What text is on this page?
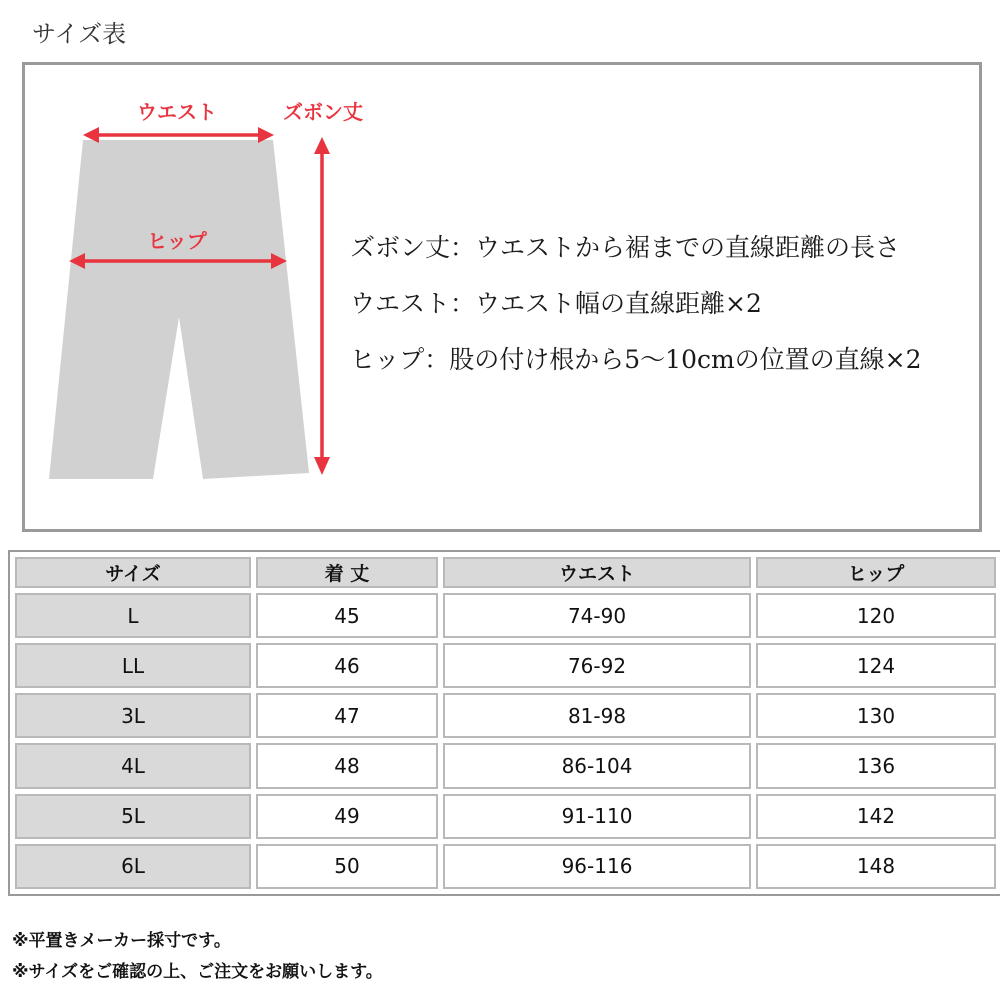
サイズ表
ウエスト
ヒップ
ズボン丈
ズボン丈：ウエストから裾までの直線距離の長さ
ウエスト：ウエスト幅の直線距離×2
ヒップ：股の付け根から5〜10cmの位置の直線×2
サイズ	着 丈	ウエスト	ヒップ
L	45	74-90	120
LL	46	76-92	124
3L	47	81-98	130
4L	48	86-104	136
5L	49	91-110	142
6L	50	96-116	148
※平置きメーカー採寸です。
※サイズをご確認の上、ご注文をお願いします。
